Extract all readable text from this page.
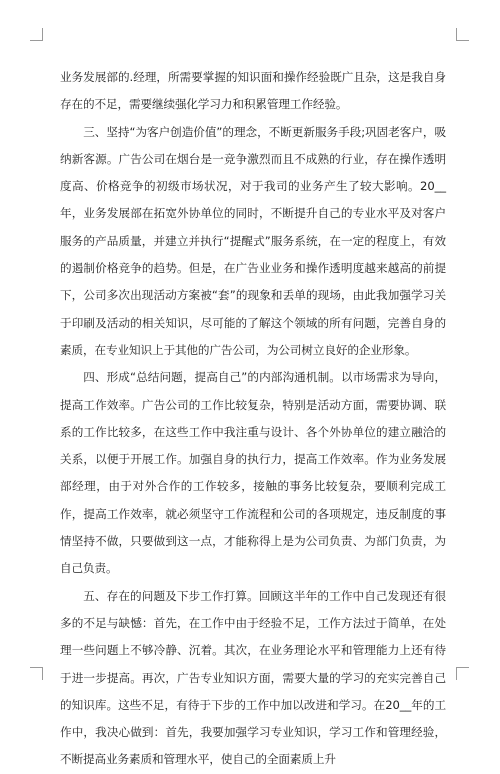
业务发展部的.经理，所需要掌握的知识面和操作经验既广且杂，这是我自身存在的不足，需要继续强化学习力和积累管理工作经验。

三、坚持“为客户创造价值”的理念，不断更新服务手段;巩固老客户，吸纳新客源。广告公司在烟台是一竞争激烈而且不成熟的行业，存在操作透明度高、价格竞争的初级市场状况，对于我司的业务产生了较大影响。20__年，业务发展部在拓宽外协单位的同时，不断提升自己的专业水平及对客户服务的产品质量，并建立并执行“提醒式”服务系统，在一定的程度上，有效的遏制价格竞争的趋势。但是，在广告业业务和操作透明度越来越高的前提下，公司多次出现活动方案被“套”的现象和丢单的现场，由此我加强学习关于印刷及活动的相关知识，尽可能的了解这个领域的所有问题，完善自身的素质，在专业知识上于其他的广告公司，为公司树立良好的企业形象。

四、形成“总结问题，提高自己”的内部沟通机制。以市场需求为导向，提高工作效率。广告公司的工作比较复杂，特别是活动方面，需要协调、联系的工作比较多，在这些工作中我注重与设计、各个外协单位的建立融洽的关系，以便于开展工作。加强自身的执行力，提高工作效率。作为业务发展部经理，由于对外合作的工作较多，接触的事务比较复杂，要顺利完成工作，提高工作效率，就必须坚守工作流程和公司的各项规定，违反制度的事情坚持不做，只要做到这一点，才能称得上是为公司负责、为部门负责，为自己负责。

五、存在的问题及下步工作打算。回顾这半年的工作中自己发现还有很多的不足与缺憾：首先，在工作中由于经验不足，工作方法过于简单，在处理一些问题上不够冷静、沉着。其次，在业务理论水平和管理能力上还有待于进一步提高。再次，广告专业知识方面，需要大量的学习的充实完善自己的知识库。这些不足，有待于下步的工作中加以改进和学习。在20__年的工作中，我决心做到：首先，我要加强学习专业知识，学习工作和管理经验，不断提高业务素质和管理水平，使自己的全面素质上升
